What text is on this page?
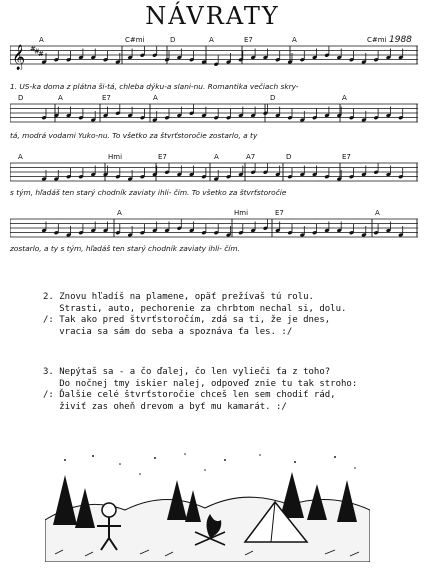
NÁVRATY
1988
𝄞 #
#
#
A	C#mi	D	A	E7	A	C#mi
D	A	E7	A	D	A
A	Hmi	E7	A	A7	D	E7
A	Hmi	E7	A
2. Znovu hľadíš na plamene, opäť prežívaš tú rolu.
Strasti, auto, pechorenie za chrbtom nechal si, dolu.
/: Tak ako pred štvrťstoročím, zdá sa ti, že je dnes,
vracia sa sám do seba a spoznáva ťa les. :/
3. Nepýtaš sa - a čo ďalej, čo len vylieči ťa z toho?
Do nočnej tmy iskier nalej, odpoveď znie tu tak stroho:
/: Ďalšie celé štvrťstoročie chceš len sem chodiť rád,
živiť zas oheň drevom a byť mu kamarát. :/
1. US-ka doma z plátna ši-tá, chleba dýku-a slani-nu. Romantika večiach skry-
tá, modrá vodami Yuko-nu. To všetko za štvrťstoročie zostarlo, a ty
s tým, hľadáš ten starý chodník zaviaty ihli- čím. To všetko za štvrťstoročie
zostarlo, a ty s tým, hľadáš ten starý chodník zaviaty ihli- čím.
